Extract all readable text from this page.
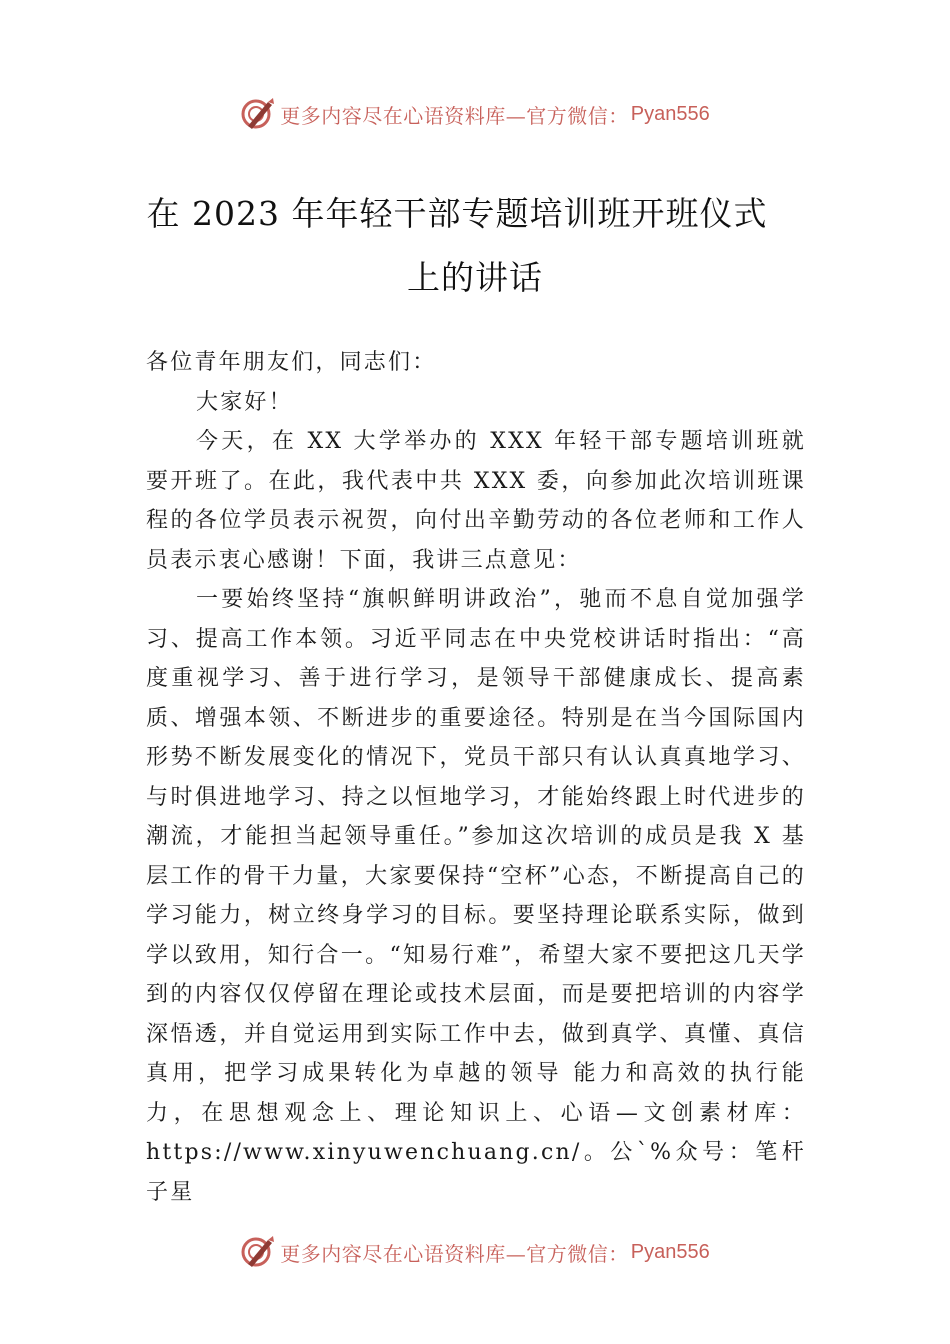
更多内容尽在心语资料库—官方微信： Pyan556
在 2023 年年轻干部专题培训班开班仪式
上的讲话

各位青年朋友们，同志们：

大家好！

今天，在 XX 大学举办的 XXX 年轻干部专题培训班就要开班了。在此，我代表中共 XXX 委，向参加此次培训班课程的各位学员表示祝贺，向付出辛勤劳动的各位老师和工作人员表示衷心感谢！下面，我讲三点意见：

一要始终坚持“旗帜鲜明讲政治”，驰而不息自觉加强学习、提高工作本领。习近平同志在中央党校讲话时指出：“高度重视学习、善于进行学习，是领导干部健康成长、提高素质、增强本领、不断进步的重要途径。特别是在当今国际国内形势不断发展变化的情况下，党员干部只有认认真真地学习、与时俱进地学习、持之以恒地学习，才能始终跟上时代进步的潮流，才能担当起领导重任。”参加这次培训的成员是我 X 基层工作的骨干力量，大家要保持“空杯”心态，不断提高自己的学习能力，树立终身学习的目标。要坚持理论联系实际，做到学以致用，知行合一。“知易行难”，希望大家不要把这几天学到的内容仅仅停留在理论或技术层面，而是要把培训的内容学深悟透，并自觉运用到实际工作中去，做到真学、真懂、真信真用，把学习成果转化为卓越的领导 能力和高效的执行能力，在思想观念上、理论知识上、心语—文创素材库：https://www.xinyuwenchuang.cn/。公`%众号：笔杆子星

更多内容尽在心语资料库—官方微信： Pyan556
